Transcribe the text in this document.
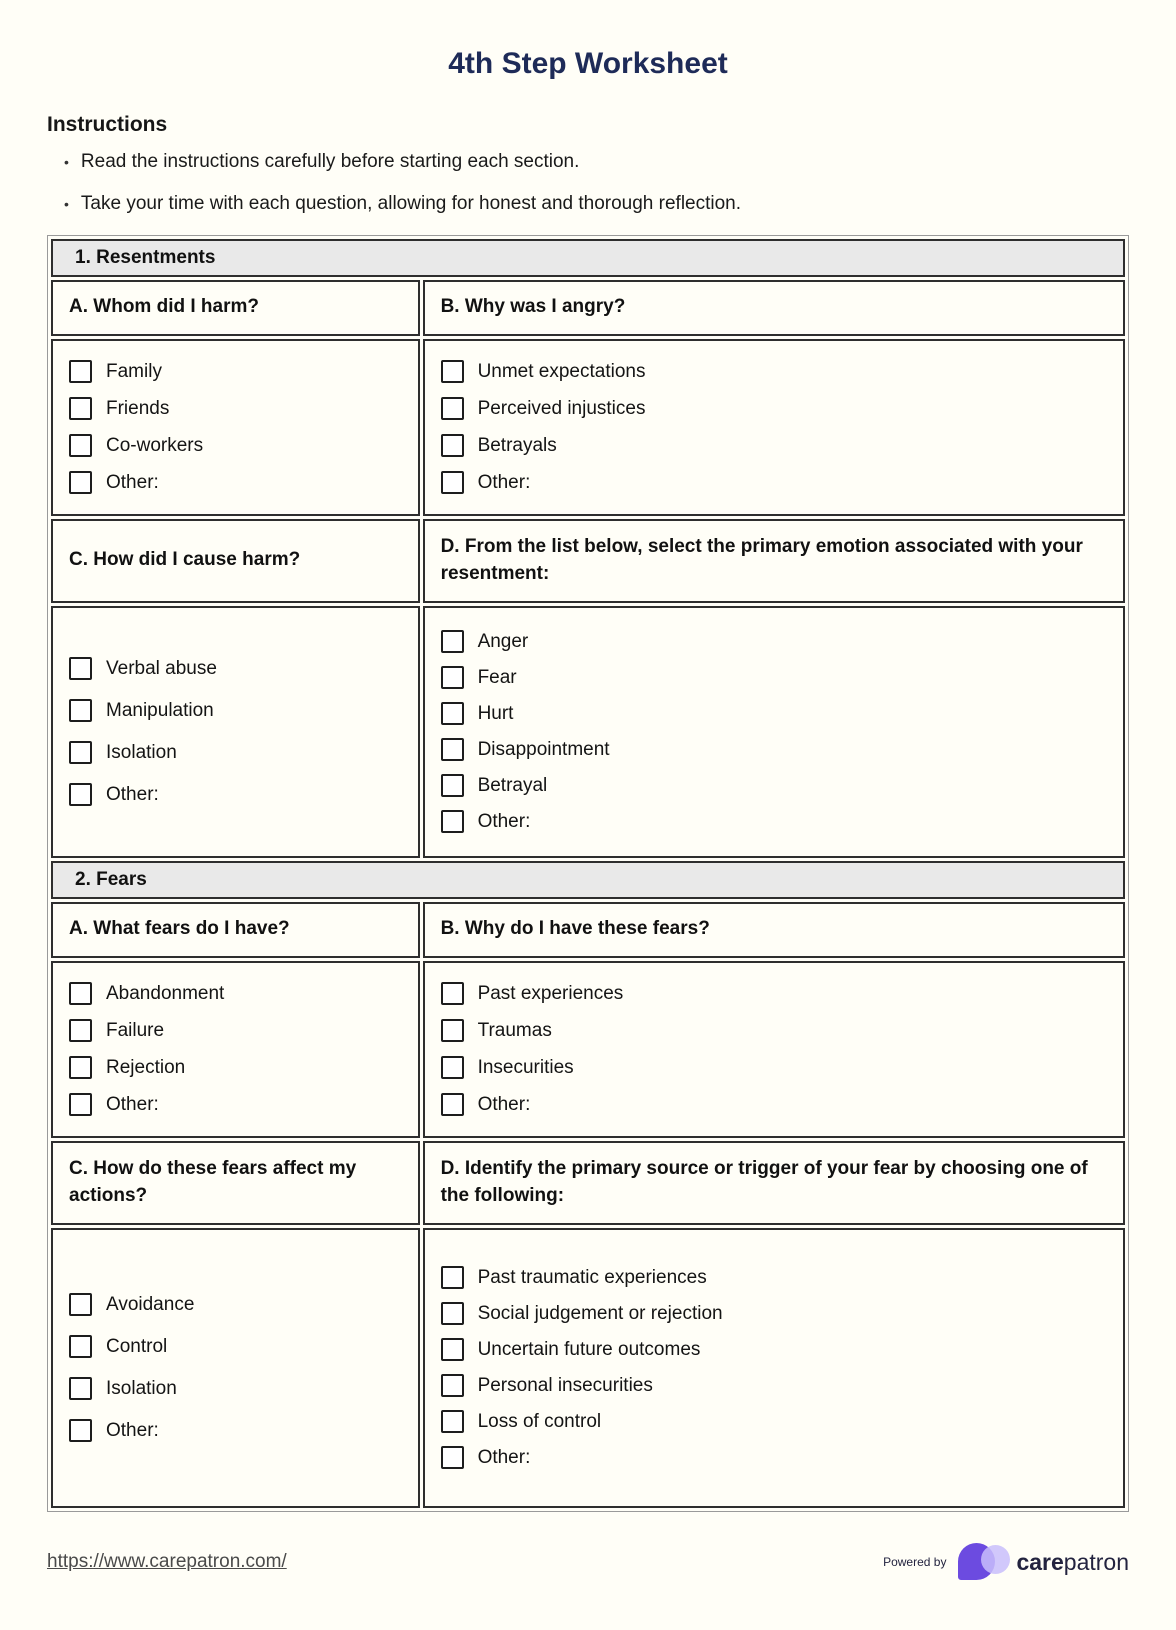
4th Step Worksheet
Instructions
• Read the instructions carefully before starting each section.
• Take your time with each question, allowing for honest and thorough reflection.
1. Resentments	
A. Whom did I harm?	B. Why was I angry?

Family
Friends
Co-workers
Other:

Unmet expectations
Perceived injustices
Betrayals
Other:

C. How did I cause harm?	D. From the list below, select the primary emotion associated with your resentment:

Verbal abuse
Manipulation
Isolation
Other:

Anger
Fear
Hurt
Disappointment
Betrayal
Other:

2. Fears	
A. What fears do I have?	B. Why do I have these fears?

Abandonment
Failure
Rejection
Other:

Past experiences
Traumas
Insecurities
Other:

C. How do these fears affect my actions?	D. Identify the primary source or trigger of your fear by choosing one of the following:

Avoidance
Control
Isolation
Other:

Past traumatic experiences
Social judgement or rejection
Uncertain future outcomes
Personal insecurities
Loss of control
Other:
https://www.carepatron.com/	Powered by	carepatron
